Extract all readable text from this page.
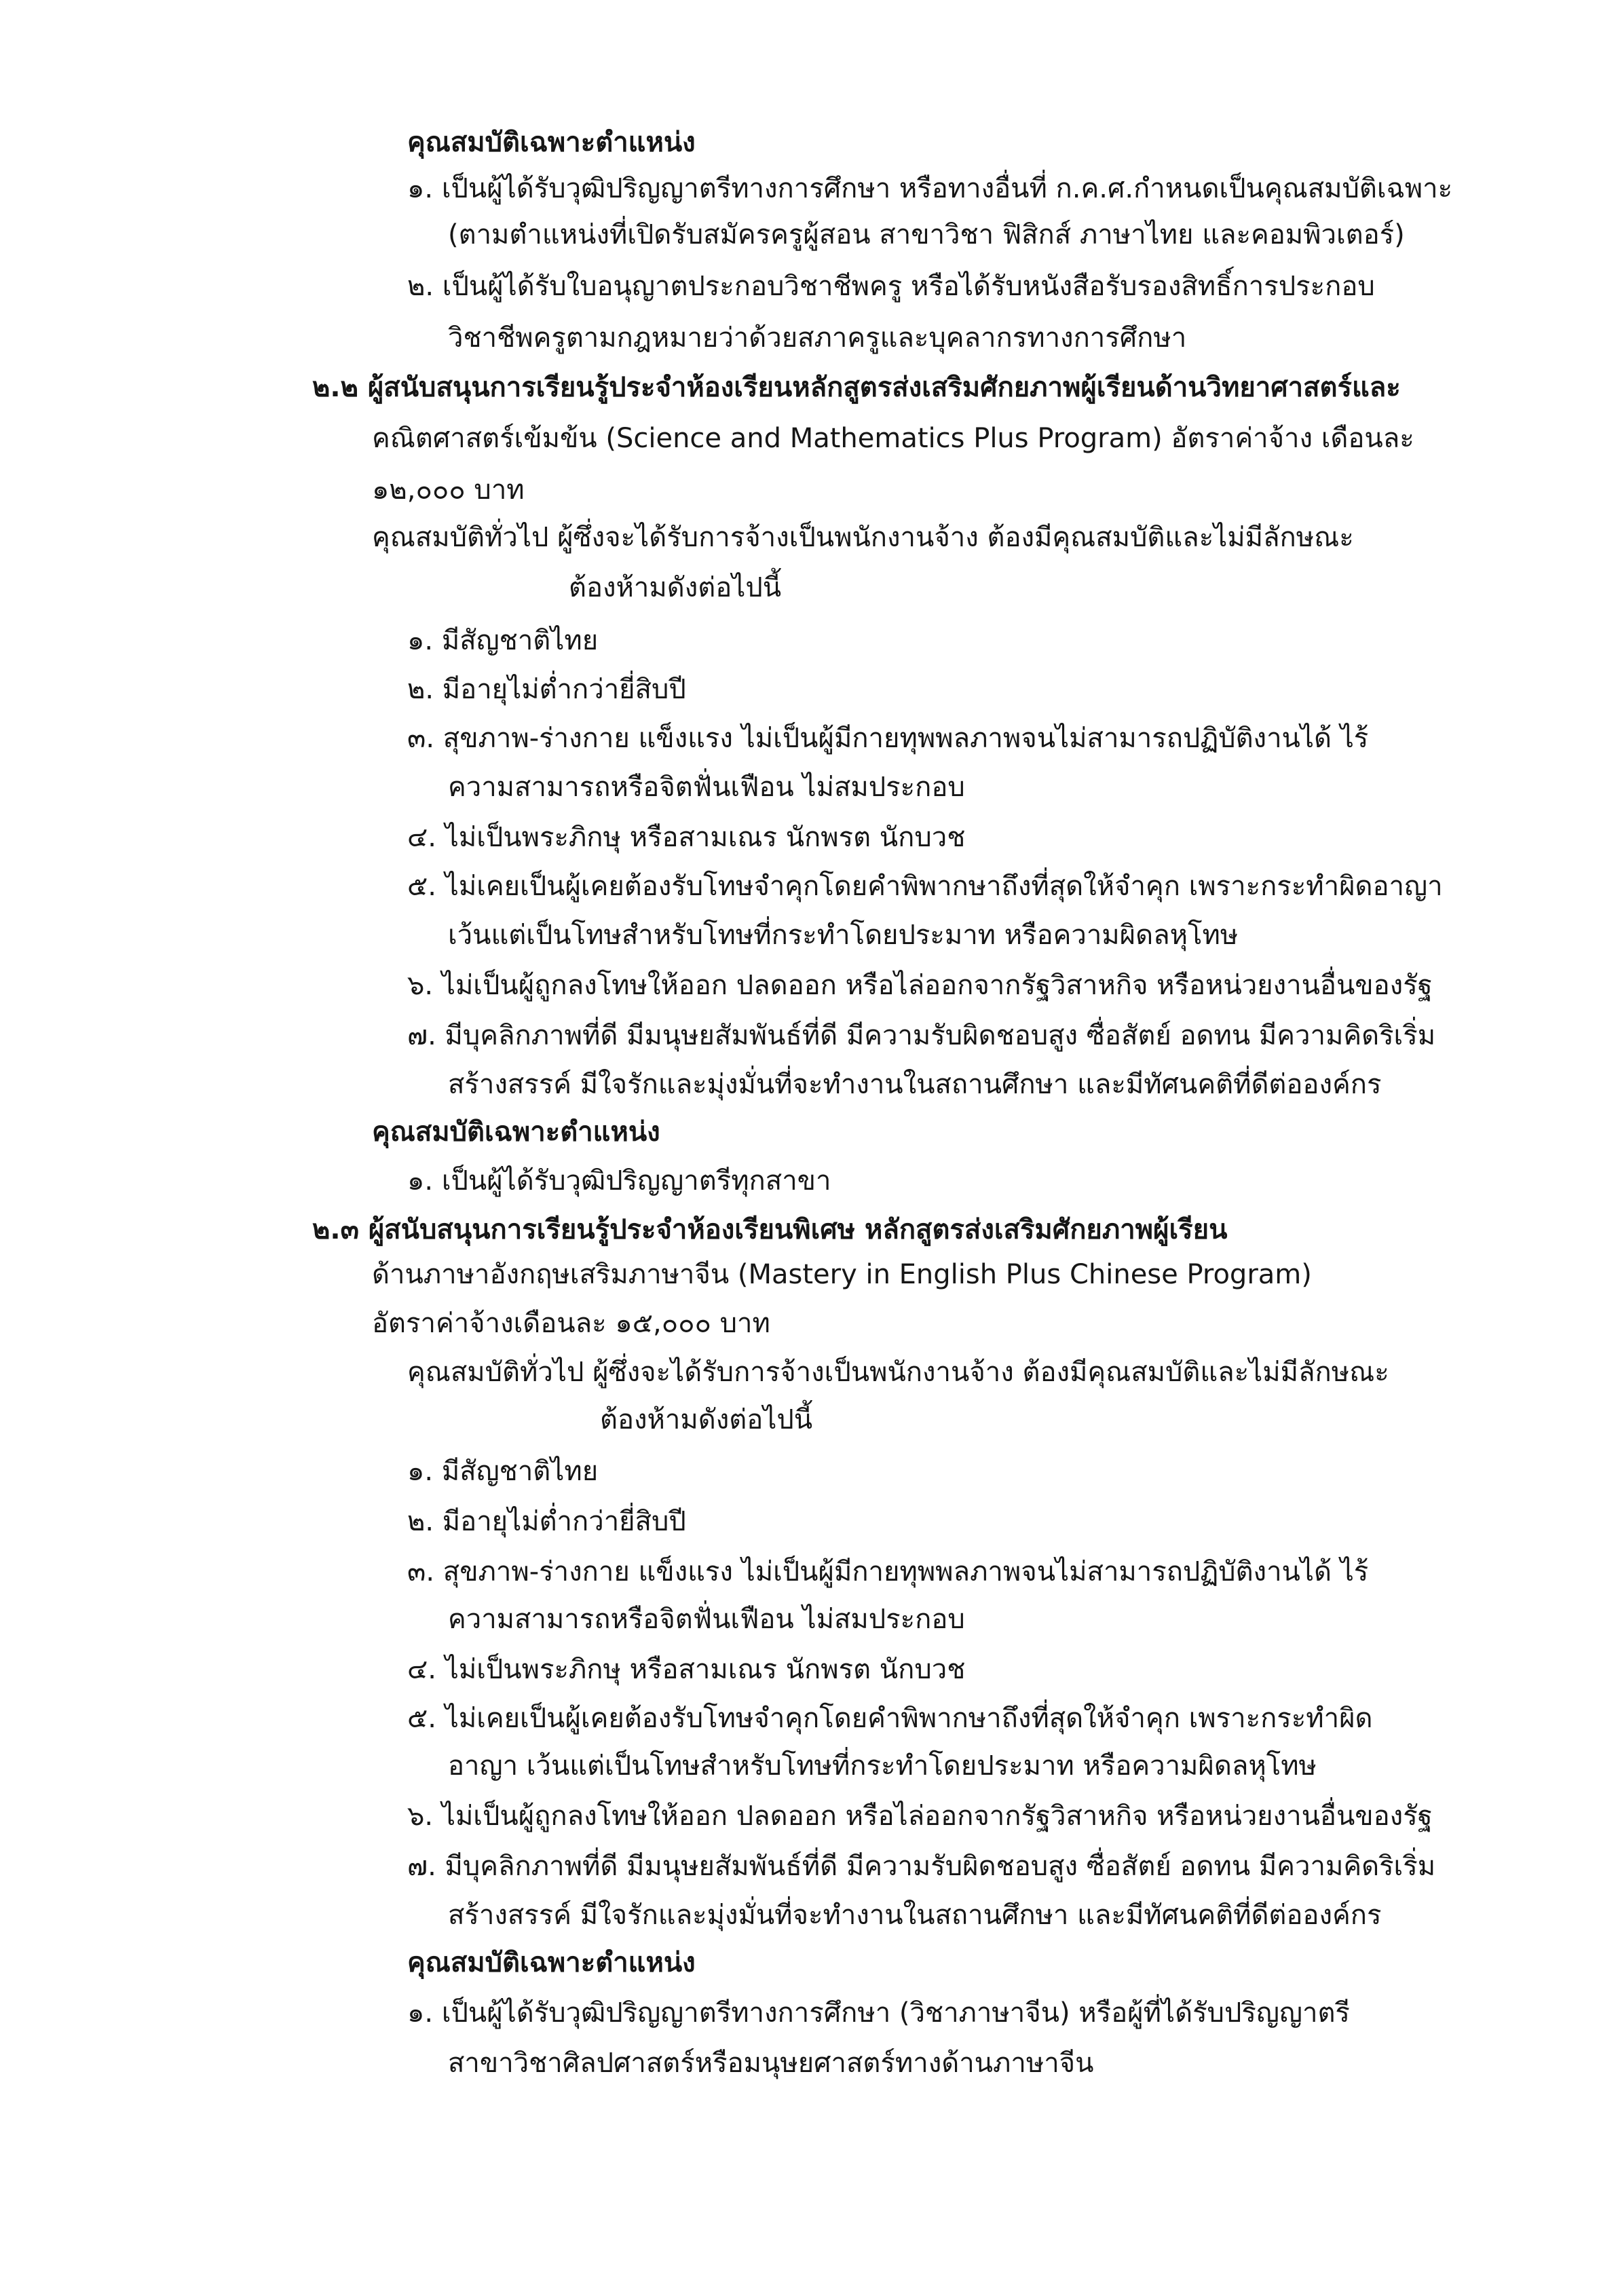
คุณสมบัติเฉพาะตำแหน่ง
๑. เป็นผู้ได้รับวุฒิปริญญาตรีทางการศึกษา หรือทางอื่นที่ ก.ค.ศ.กำหนดเป็นคุณสมบัติเฉพาะ
(ตามตำแหน่งที่เปิดรับสมัครครูผู้สอน สาขาวิชา ฟิสิกส์ ภาษาไทย และคอมพิวเตอร์)
๒. เป็นผู้ได้รับใบอนุญาตประกอบวิชาชีพครู หรือได้รับหนังสือรับรองสิทธิ์การประกอบ
วิชาชีพครูตามกฎหมายว่าด้วยสภาครูและบุคลากรทางการศึกษา
๒.๒ ผู้สนับสนุนการเรียนรู้ประจำห้องเรียนหลักสูตรส่งเสริมศักยภาพผู้เรียนด้านวิทยาศาสตร์และ
คณิตศาสตร์เข้มข้น (Science and Mathematics Plus Program) อัตราค่าจ้าง เดือนละ
๑๒,๐๐๐ บาท
คุณสมบัติทั่วไป ผู้ซึ่งจะได้รับการจ้างเป็นพนักงานจ้าง ต้องมีคุณสมบัติและไม่มีลักษณะ
ต้องห้ามดังต่อไปนี้
๑. มีสัญชาติไทย
๒. มีอายุไม่ต่ำกว่ายี่สิบปี
๓. สุขภาพ-ร่างกาย แข็งแรง ไม่เป็นผู้มีกายทุพพลภาพจนไม่สามารถปฏิบัติงานได้ ไร้
ความสามารถหรือจิตฟั่นเฟือน ไม่สมประกอบ
๔. ไม่เป็นพระภิกษุ หรือสามเณร นักพรต นักบวช
๕. ไม่เคยเป็นผู้เคยต้องรับโทษจำคุกโดยคำพิพากษาถึงที่สุดให้จำคุก เพราะกระทำผิดอาญา
เว้นแต่เป็นโทษสำหรับโทษที่กระทำโดยประมาท หรือความผิดลหุโทษ
๖. ไม่เป็นผู้ถูกลงโทษให้ออก ปลดออก หรือไล่ออกจากรัฐวิสาหกิจ หรือหน่วยงานอื่นของรัฐ
๗. มีบุคลิกภาพที่ดี มีมนุษยสัมพันธ์ที่ดี มีความรับผิดชอบสูง ซื่อสัตย์ อดทน มีความคิดริเริ่ม
สร้างสรรค์ มีใจรักและมุ่งมั่นที่จะทำงานในสถานศึกษา และมีทัศนคติที่ดีต่อองค์กร
คุณสมบัติเฉพาะตำแหน่ง
๑. เป็นผู้ได้รับวุฒิปริญญาตรีทุกสาขา
๒.๓ ผู้สนับสนุนการเรียนรู้ประจำห้องเรียนพิเศษ หลักสูตรส่งเสริมศักยภาพผู้เรียน
ด้านภาษาอังกฤษเสริมภาษาจีน (Mastery in English Plus Chinese Program)
อัตราค่าจ้างเดือนละ ๑๕,๐๐๐ บาท
คุณสมบัติทั่วไป ผู้ซึ่งจะได้รับการจ้างเป็นพนักงานจ้าง ต้องมีคุณสมบัติและไม่มีลักษณะ
ต้องห้ามดังต่อไปนี้
๑. มีสัญชาติไทย
๒. มีอายุไม่ต่ำกว่ายี่สิบปี
๓. สุขภาพ-ร่างกาย แข็งแรง ไม่เป็นผู้มีกายทุพพลภาพจนไม่สามารถปฏิบัติงานได้ ไร้
ความสามารถหรือจิตฟั่นเฟือน ไม่สมประกอบ
๔. ไม่เป็นพระภิกษุ หรือสามเณร นักพรต นักบวช
๕. ไม่เคยเป็นผู้เคยต้องรับโทษจำคุกโดยคำพิพากษาถึงที่สุดให้จำคุก เพราะกระทำผิด
อาญา เว้นแต่เป็นโทษสำหรับโทษที่กระทำโดยประมาท หรือความผิดลหุโทษ
๖. ไม่เป็นผู้ถูกลงโทษให้ออก ปลดออก หรือไล่ออกจากรัฐวิสาหกิจ หรือหน่วยงานอื่นของรัฐ
๗. มีบุคลิกภาพที่ดี มีมนุษยสัมพันธ์ที่ดี มีความรับผิดชอบสูง ซื่อสัตย์ อดทน มีความคิดริเริ่ม
สร้างสรรค์ มีใจรักและมุ่งมั่นที่จะทำงานในสถานศึกษา และมีทัศนคติที่ดีต่อองค์กร
คุณสมบัติเฉพาะตำแหน่ง
๑. เป็นผู้ได้รับวุฒิปริญญาตรีทางการศึกษา (วิชาภาษาจีน) หรือผู้ที่ได้รับปริญญาตรี
สาขาวิชาศิลปศาสตร์หรือมนุษยศาสตร์ทางด้านภาษาจีน
